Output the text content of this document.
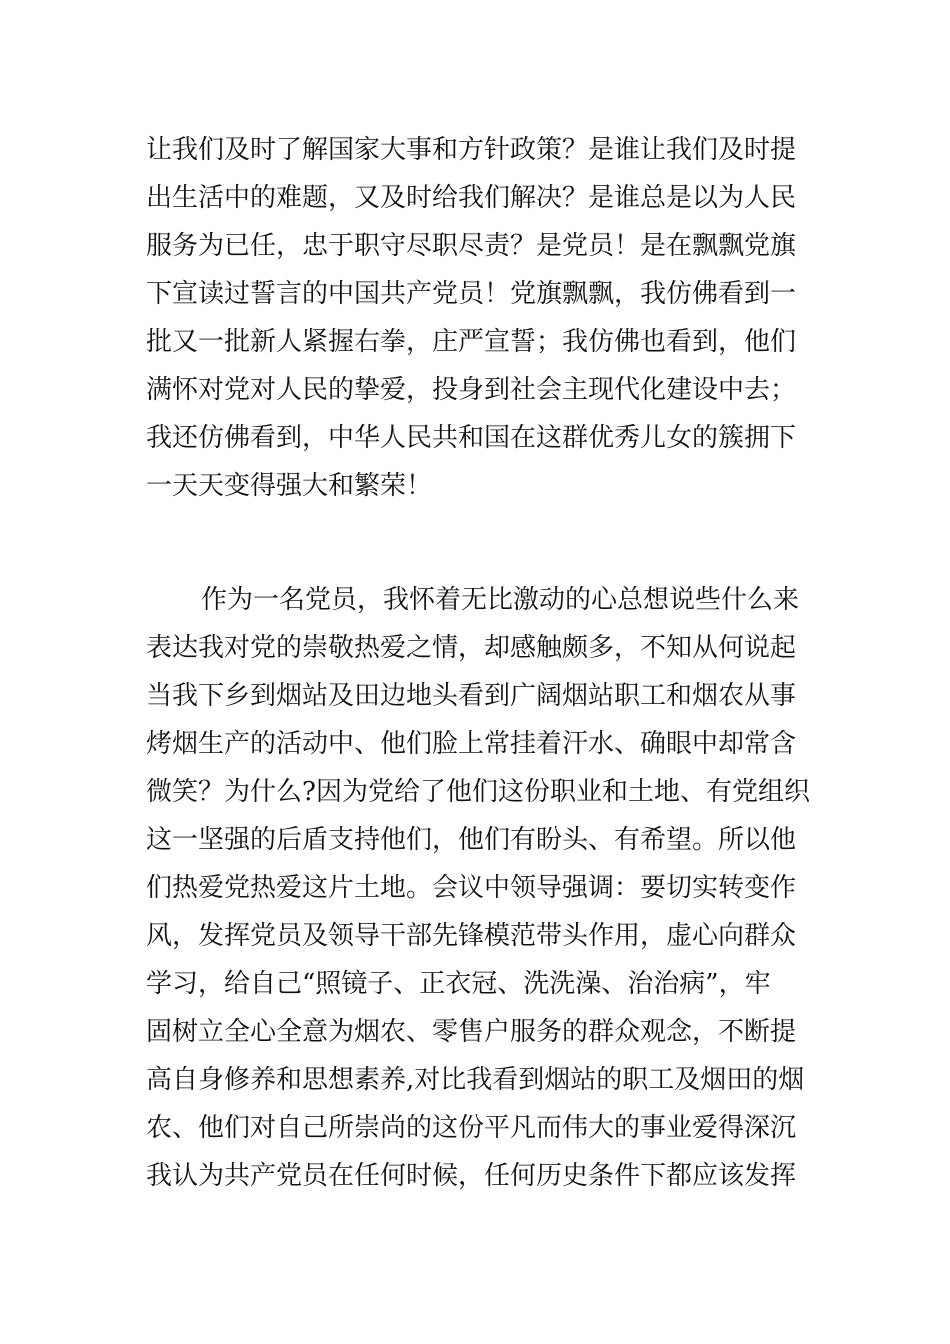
让我们及时了解国家大事和方针政策？是谁让我们及时提
出生活中的难题，又及时给我们解决？是谁总是以为人民
服务为已任，忠于职守尽职尽责？是党员！是在飘飘党旗
下宣读过誓言的中国共产党员！党旗飘飘，我仿佛看到一
批又一批新人紧握右拳，庄严宣誓；我仿佛也看到，他们
满怀对党对人民的挚爱，投身到社会主现代化建设中去；
我还仿佛看到，中华人民共和国在这群优秀儿女的簇拥下
一天天变得强大和繁荣！
作为一名党员，我怀着无比激动的心总想说些什么来
表达我对党的崇敬热爱之情，却感触颇多，不知从何说起
当我下乡到烟站及田边地头看到广阔烟站职工和烟农从事
烤烟生产的活动中、他们脸上常挂着汗水、确眼中却常含
微笑？为什么?因为党给了他们这份职业和土地、有党组织
这一坚强的后盾支持他们，他们有盼头、有希望。所以他
们热爱党热爱这片土地。会议中领导强调：要切实转变作
风，发挥党员及领导干部先锋模范带头作用，虚心向群众
学习，给自己“照镜子、正衣冠、洗洗澡、治治病”，牢
固树立全心全意为烟农、零售户服务的群众观念，不断提
高自身修养和思想素养,对比我看到烟站的职工及烟田的烟
农、他们对自己所崇尚的这份平凡而伟大的事业爱得深沉
我认为共产党员在任何时候，任何历史条件下都应该发挥
